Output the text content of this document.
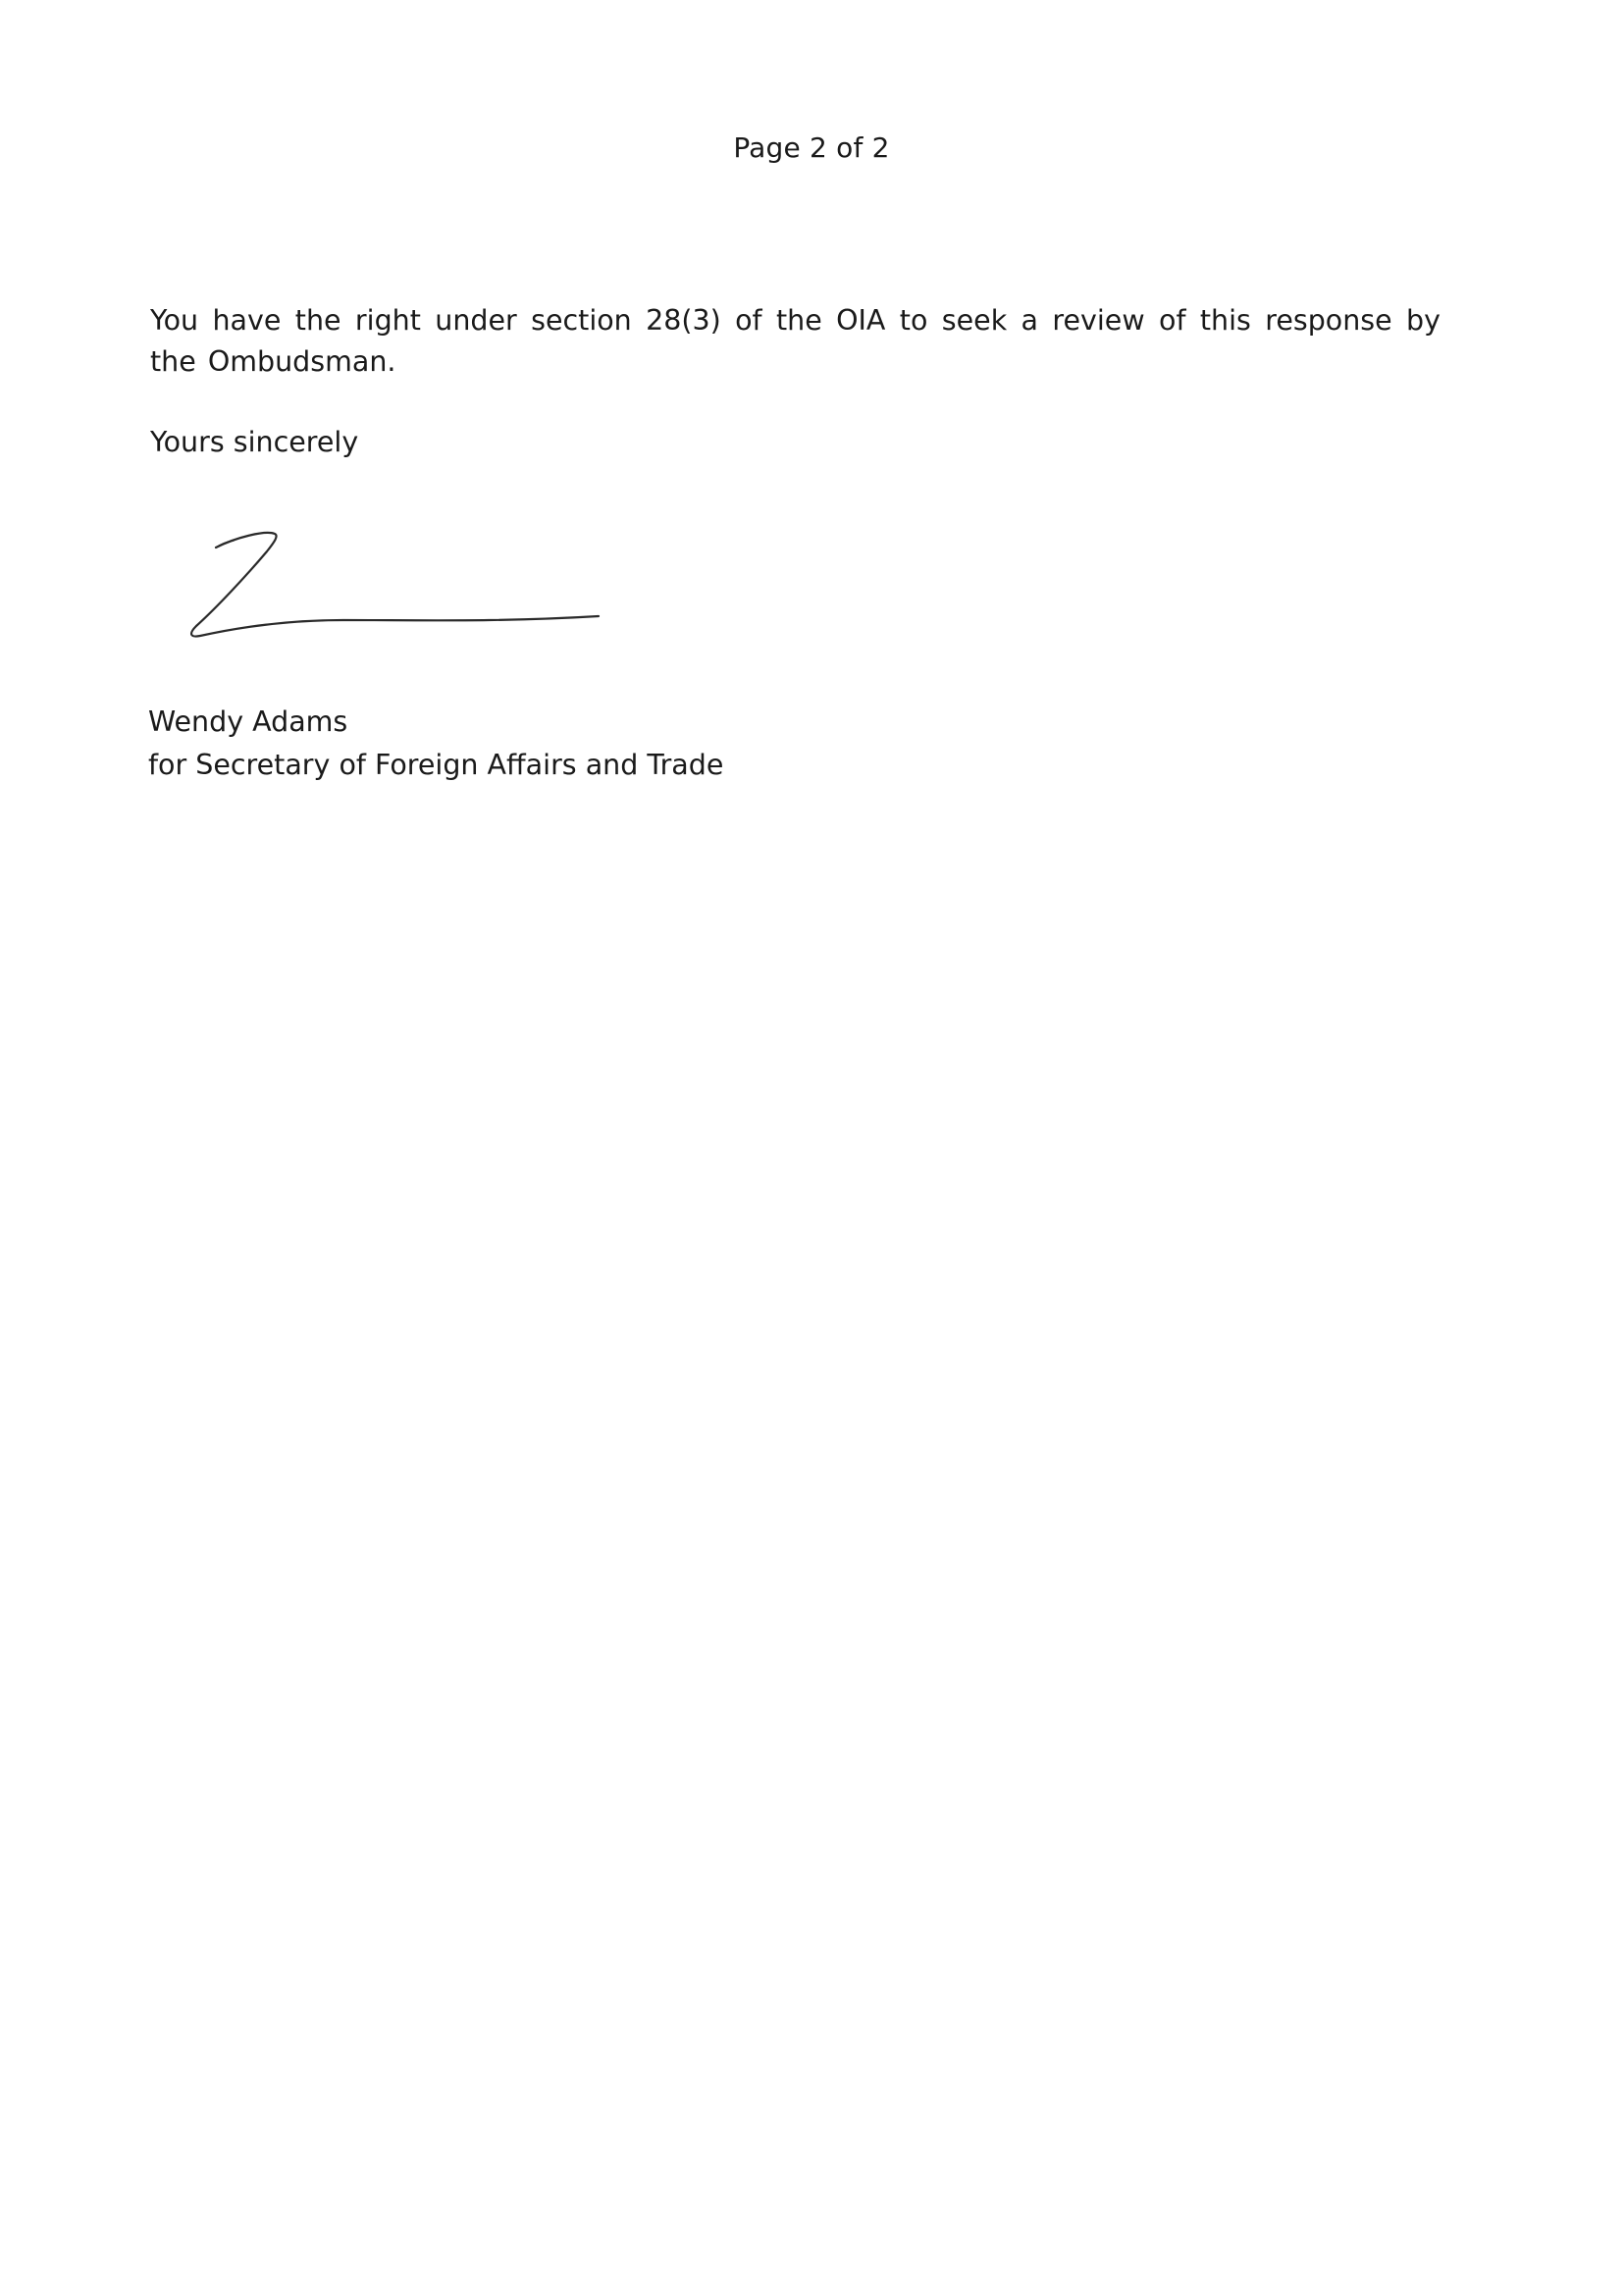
Page 2 of 2

You have the right under section 28(3) of the OIA to seek a review of this response by the Ombudsman.

Yours sincerely
Wendy Adams
for Secretary of Foreign Affairs and Trade
